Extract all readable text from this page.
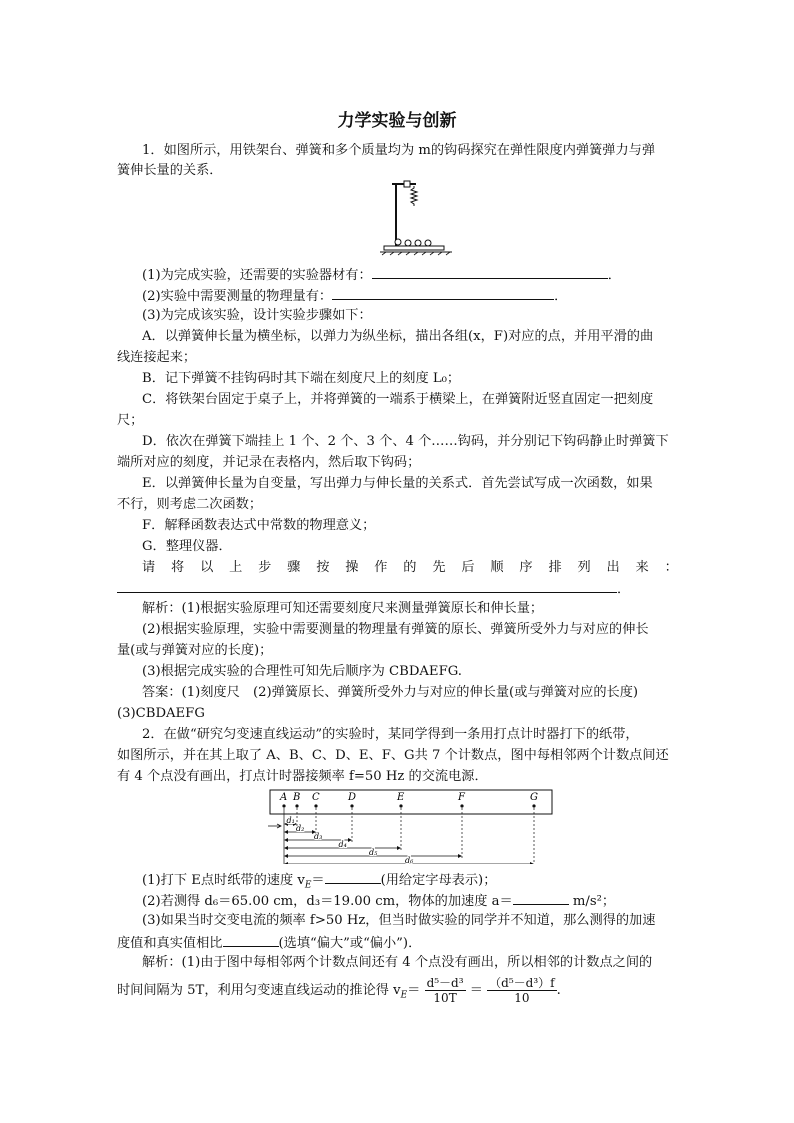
力学实验与创新
1．如图所示，用铁架台、弹簧和多个质量均为 m的钩码探究在弹性限度内弹簧弹力与弹
簧伸长量的关系．
(1)为完成实验，还需要的实验器材有：	．
(2)实验中需要测量的物理量有：	．
(3)为完成该实验，设计实验步骤如下：
A．以弹簧伸长量为横坐标，以弹力为纵坐标，描出各组(x，F)对应的点，并用平滑的曲
线连接起来；
B．记下弹簧不挂钩码时其下端在刻度尺上的刻度 L₀；
C．将铁架台固定于桌子上，并将弹簧的一端系于横梁上，在弹簧附近竖直固定一把刻度
尺；
D．依次在弹簧下端挂上 1 个、2 个、3 个、4 个……钩码，并分别记下钩码静止时弹簧下
端所对应的刻度，并记录在表格内，然后取下钩码；
E．以弹簧伸长量为自变量，写出弹力与伸长量的关系式．首先尝试写成一次函数，如果
不行，则考虑二次函数；
F．解释函数表达式中常数的物理意义；
G．整理仪器．
请 将 以 上 步 骤 按 操 作 的 先 后 顺 序 排 列 出 来 ：
．
解析：(1)根据实验原理可知还需要刻度尺来测量弹簧原长和伸长量；
(2)根据实验原理，实验中需要测量的物理量有弹簧的原长、弹簧所受外力与对应的伸长
量(或与弹簧对应的长度)；
(3)根据完成实验的合理性可知先后顺序为 CBDAEFG.
答案：(1)刻度尺　(2)弹簧原长、弹簧所受外力与对应的伸长量(或与弹簧对应的长度)
(3)CBDAEFG
2．在做“研究匀变速直线运动”的实验时，某同学得到一条用打点计时器打下的纸带，
如图所示，并在其上取了 A、B、C、D、E、F、G共 7 个计数点，图中每相邻两个计数点间还
有 4 个点没有画出，打点计时器接频率 f=50 Hz 的交流电源．
A B C	D	E	F	G
d₁
d₂
d₃
d₄
d₅
d₆
(1)打下 E点时纸带的速度 $v_E=$	(用给定字母表示)；
(2)若测得 d₆＝65.00 cm，d₃＝19.00 cm，物体的加速度 a＝	m/s²；
(3)如果当时交变电流的频率 f>50 Hz，但当时做实验的同学并不知道，那么测得的加速
度值和真实值相比	(选填“偏大”或“偏小”)．
解析：(1)由于图中每相邻两个计数点间还有 4 个点没有画出，所以相邻的计数点之间的
时间间隔为 5T，利用匀变速直线运动的推论得 $v_E= \frac{\text{d⁵－d³}}{10T} = \frac{\text{（d⁵－d³）f}}{10}$ .
